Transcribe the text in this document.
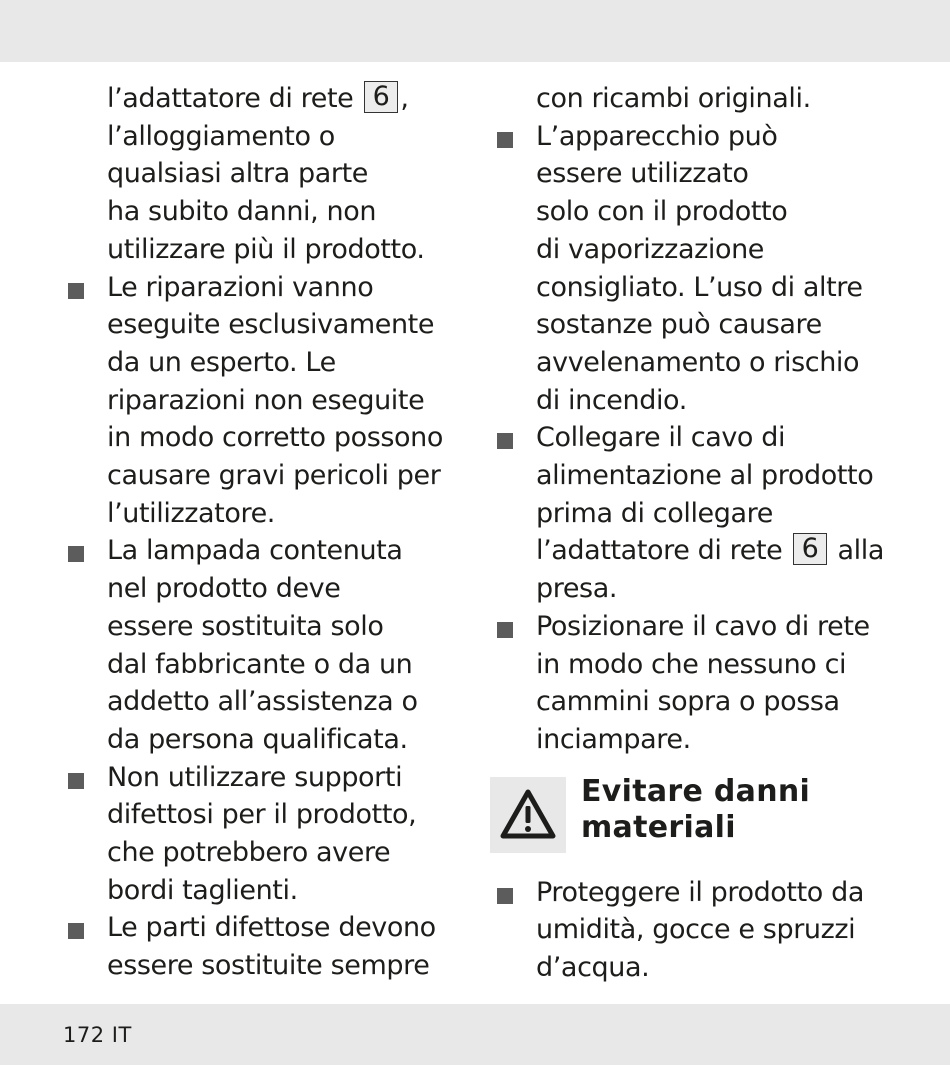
l’adattatore di rete 6 ,
l’alloggiamento o
qualsiasi altra parte
ha subito danni, non
utilizzare più il prodotto.

Le riparazioni vanno
eseguite esclusivamente
da un esperto. Le
riparazioni non eseguite
in modo corretto possono
causare gravi pericoli per
l’utilizzatore.

La lampada contenuta
nel prodotto deve
essere sostituita solo
dal fabbricante o da un
addetto all’assistenza o
da persona qualificata.

Non utilizzare supporti
difettosi per il prodotto,
che potrebbero avere
bordi taglienti.

Le parti difettose devono
essere sostituite sempre

con ricambi originali.

L’apparecchio può
essere utilizzato
solo con il prodotto
di vaporizzazione
consigliato. L’uso di altre
sostanze può causare
avvelenamento o rischio
di incendio.

Collegare il cavo di
alimentazione al prodotto
prima di collegare
l’adattatore di rete 6 alla
presa.

Posizionare il cavo di rete
in modo che nessuno ci
cammini sopra o possa
inciampare.

Evitare danni
materiali

Proteggere il prodotto da
umidità, gocce e spruzzi
d’acqua.

172 IT
